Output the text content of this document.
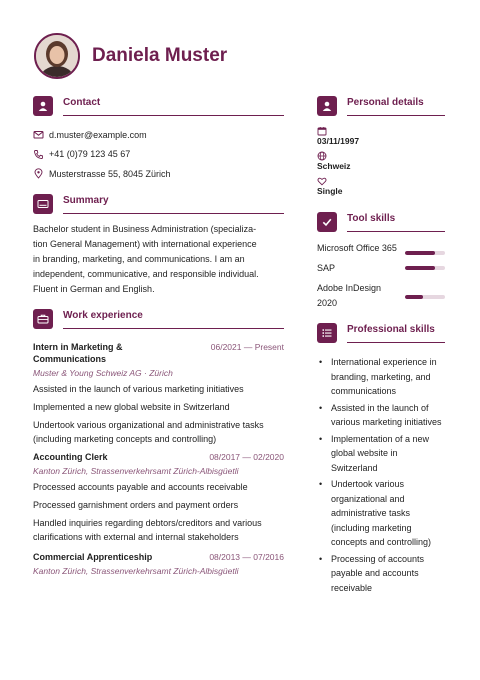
Daniela Muster
Contact
d.muster@example.com
+41 (0)79 123 45 67
Musterstrasse 55, 8045 Zürich
Summary
Bachelor student in Business Administration (specializa-
tion General Management) with international experience
in branding, marketing, and communications. I am an
independent, communicative, and responsible individual.
Fluent in German and English.
Work experience
Intern in Marketing & Communications
06/2021 — Present
Muster & Young Schweiz AG · Zürich
Assisted in the launch of various marketing initiatives
Implemented a new global website in Switzerland
Undertook various organizational and administrative tasks (including marketing concepts and controlling)
Accounting Clerk	08/2017 — 02/2020
Kanton Zürich, Strassenverkehrsamt Zürich-Albisgüetli
Processed accounts payable and accounts receivable
Processed garnishment orders and payment orders
Handled inquiries regarding debtors/creditors and various clarifications with external and internal stakeholders
Commercial Apprenticeship	08/2013 — 07/2016
Kanton Zürich, Strassenverkehrsamt Zürich-Albisgüetli
Personal details
03/11/1997
Schweiz
Single
Tool skills
Microsoft Office 365
SAP
Adobe InDesign 2020
Professional skills
• International experience in branding, marketing, and communications
• Assisted in the launch of various marketing initiatives
• Implementation of a new global website in Switzerland
• Undertook various organizational and administrative tasks (including marketing concepts and controlling)
• Processing of accounts payable and accounts receivable
